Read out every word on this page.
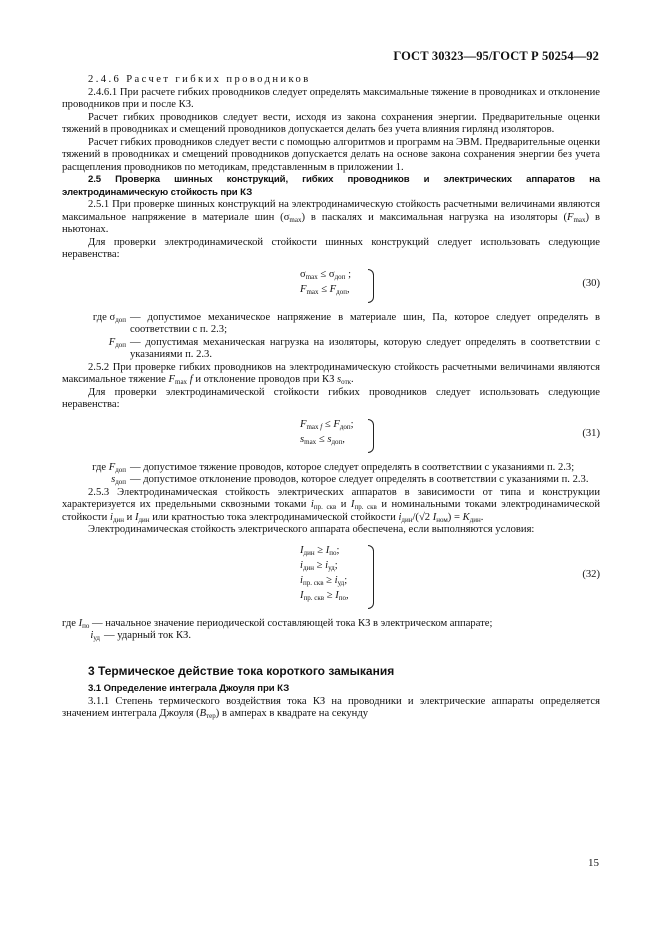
ГОСТ 30323—95/ГОСТ Р 50254—92

2.4.6 Расчет гибких проводников

2.4.6.1 При расчете гибких проводников следует определять максимальные тяжение в проводниках и отклонение проводников при и после КЗ.

Расчет гибких проводников следует вести, исходя из закона сохранения энергии. Предварительные оценки тяжений в проводниках и смещений проводников допускается делать без учета влияния гирлянд изоляторов.

Расчет гибких проводников следует вести с помощью алгоритмов и программ на ЭВМ. Предварительные оценки тяжений в проводниках и смещений проводников допускается делать на основе закона сохранения энергии без учета расщепления проводников по методикам, представленным в приложении 1.

2.5 Проверка шинных конструкций, гибких проводников и электрических аппаратов на электродинамическую стойкость при КЗ

2.5.1 При проверке шинных конструкций на электродинамическую стойкость расчетными величинами являются максимальное напряжение в материале шин $(\sigma_{max})$ в паскалях и максимальная нагрузка на изоляторы $(F_{max})$ в ньютонах.

Для проверки электродинамической стойкости шинных конструкций следует использовать следующие неравенства:

$\sigma_{max} \le \sigma_{доп}$ ;
$F_{max} \le F_{доп}$,
(30)
где $\sigma_{доп}$ — допустимое механическое напряжение в материале шин, Па, которое следует определять в соответствии с п. 2.3;
$F_{доп}$ — допустимая механическая нагрузка на изоляторы, которую следует определять в соответствии с указаниями п. 2.3.

2.5.2 При проверке гибких проводников на электродинамическую стойкость расчетными величинами являются максимальное тяжение $F_{max}$ f и отклонение проводов при КЗ $s_{отк}$.

Для проверки электродинамической стойкости гибких проводников следует использовать следующие неравенства:

$F_{max f} \le F_{доп}$;
$s_{max} \le s_{доп}$,
(31)
где $F_{доп}$ — допустимое тяжение проводов, которое следует определять в соответствии с указаниями п. 2.3;
$s_{доп}$ — допустимое отклонение проводов, которое следует определять в соответствии с указаниями п. 2.3.

2.5.3 Электродинамическая стойкость электрических аппаратов в зависимости от типа и конструкции характеризуется их предельными сквозными токами $i_{пр. скв}$ и $I_{пр. скв}$ и номинальными токами электродинамической стойкости $i_{дин}$ и $I_{дин}$ или кратностью тока электродинамической стойкости $i_{дин}/(√2$ $I_{ном}) = K_{дин}$.

Электродинамическая стойкость электрического аппарата обеспечена, если выполняются условия:

$I_{дин} \ge I_{по}$;
$i_{дин} \ge i_{уд}$;
$i_{пр. скв} \ge i_{уд}$;
$I_{пр. скв} \ge I_{по}$,
(32)
где $I_{по}$ — начальное значение периодической составляющей тока КЗ в электрическом аппарате;
$i_{уд}$ — ударный ток КЗ.

3 Термическое действие тока короткого замыкания

3.1 Определение интеграла Джоуля при КЗ

3.1.1 Степень термического воздействия тока КЗ на проводники и электрические аппараты определяется значением интеграла Джоуля $(B_{тер})$ в амперах в квадрате на секунду

15
